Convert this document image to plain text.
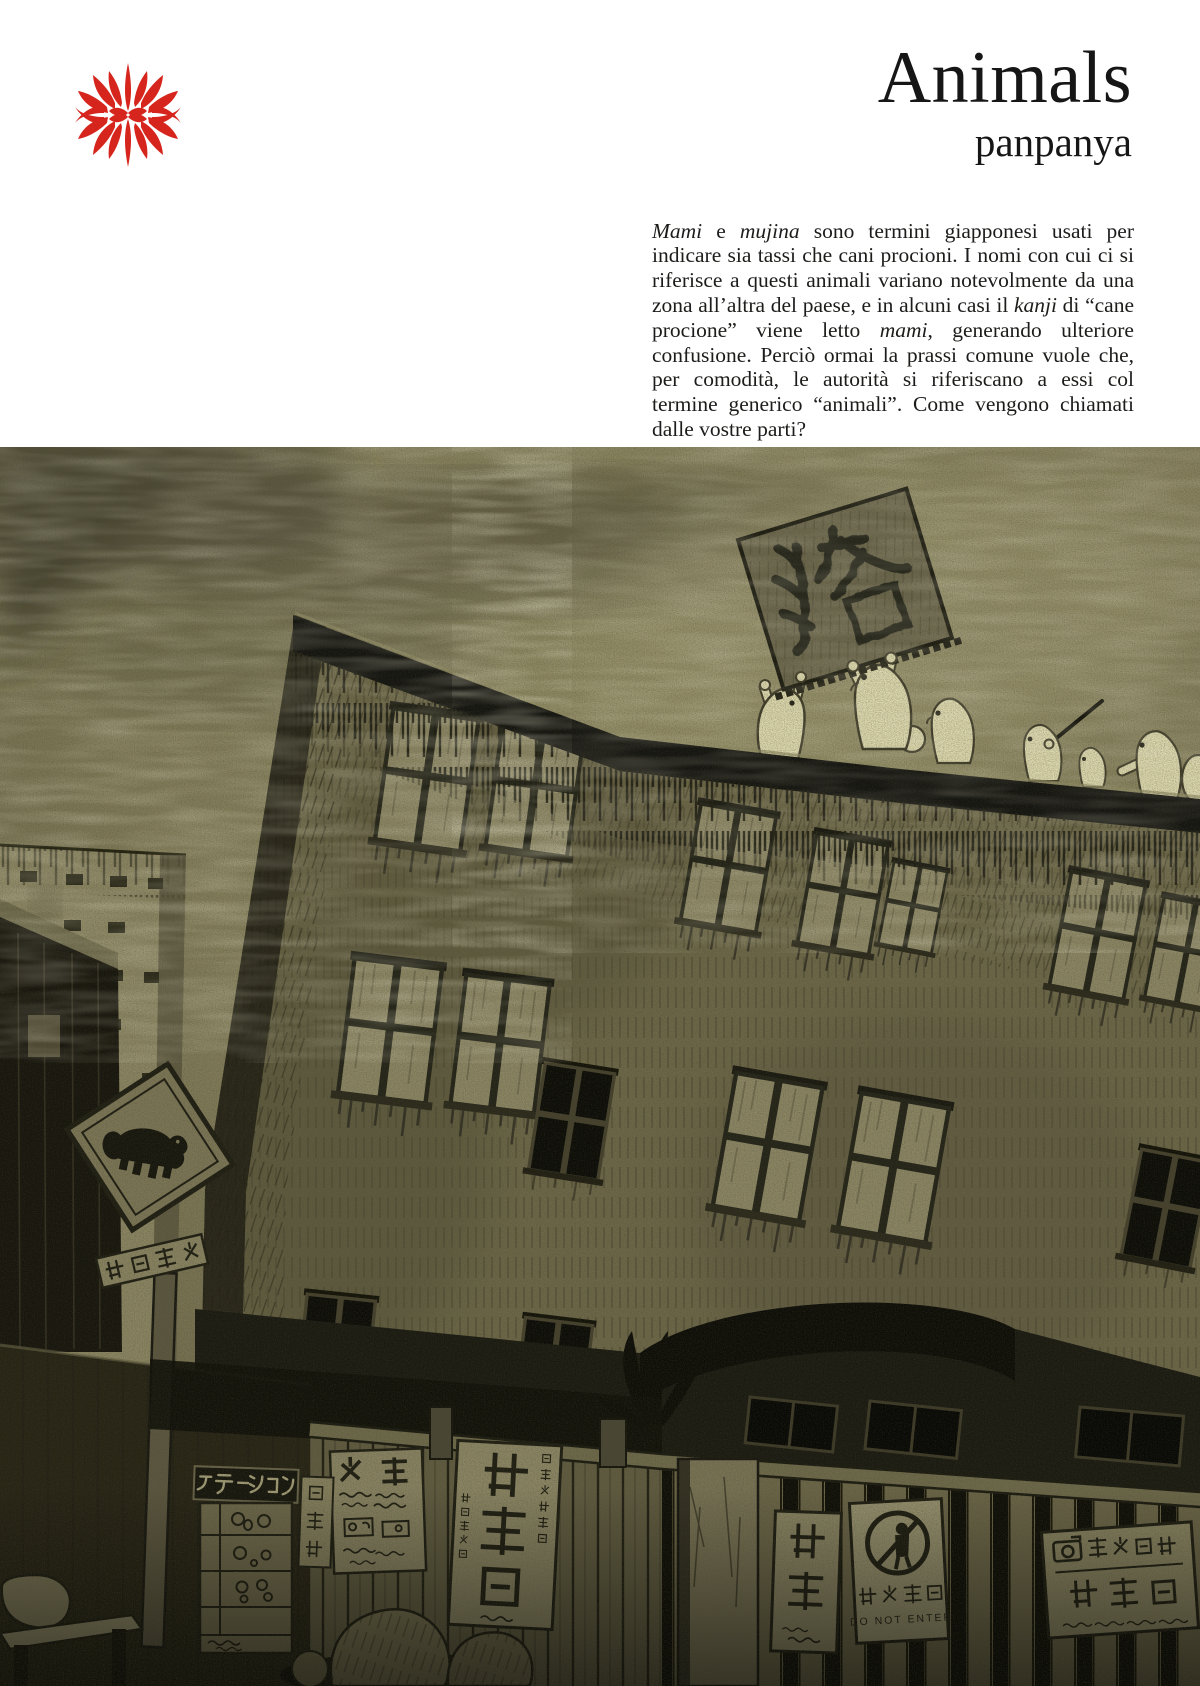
Animals
panpanya

Mami e mujina sono termini giapponesi usati per indicare sia tassi che cani procioni. I nomi con cui ci si riferisce a questi animali variano notevolmente da una zona all’altra del paese, e in alcuni casi il kanji di “cane procione” viene letto mami, generando ulteriore confusione. Perciò ormai la prassi comune vuole che, per comodità, le autorità si riferiscano a essi col termine generico “animali”. Come vengono chiamati dalle vostre parti?
